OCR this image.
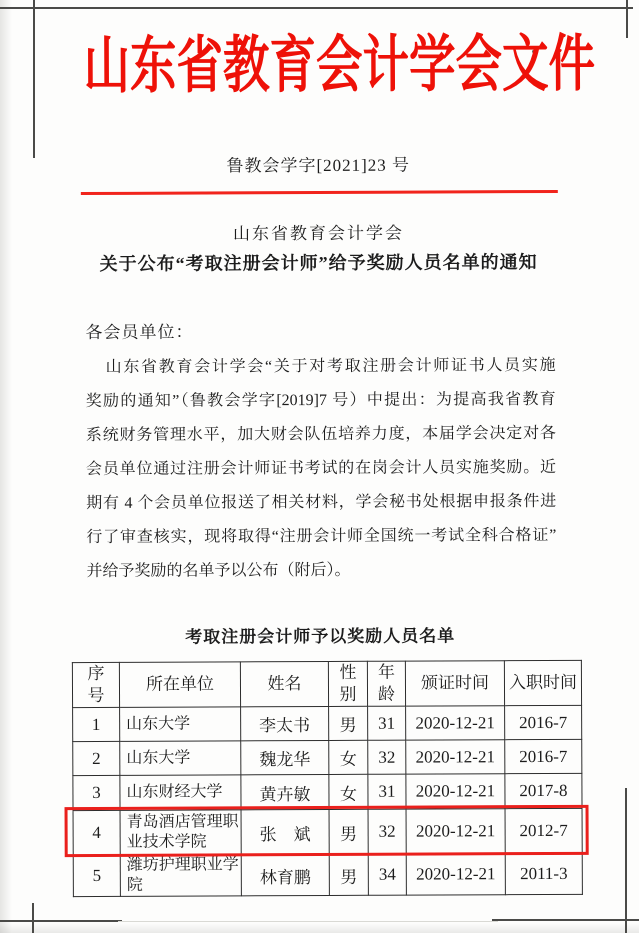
山东省教育会计学会文件
鲁教会学字[2021]23 号
山东省教育会计学会
关于公布“考取注册会计师”给予奖励人员名单的通知
各会员单位：
山东省教育会计学会“关于对考取注册会计师证书人员实施
奖励的通知”（鲁教会学字[2019]7 号）中提出：为提高我省教育
系统财务管理水平，加大财会队伍培养力度，本届学会决定对各
会员单位通过注册会计师证书考试的在岗会计人员实施奖励。近
期有 4 个会员单位报送了相关材料，学会秘书处根据申报条件进
行了审查核实，现将取得“注册会计师全国统一考试全科合格证”
并给予奖励的名单予以公布（附后）。
考取注册会计师予以奖励人员名单
序号	所在单位	姓名	性别	年龄	颁证时间	入职时间
1	山东大学	李太书	男	31	2020-12-21	2016-7
2	山东大学	魏龙华	女	32	2020-12-21	2016-7
3	山东财经大学	黄卉敏	女	31	2020-12-21	2017-8
4	青岛酒店管理职业技术学院	张　斌	男	32	2020-12-21	2012-7
5	潍坊护理职业学院	林育鹏	男	34	2020-12-21	2011-3
